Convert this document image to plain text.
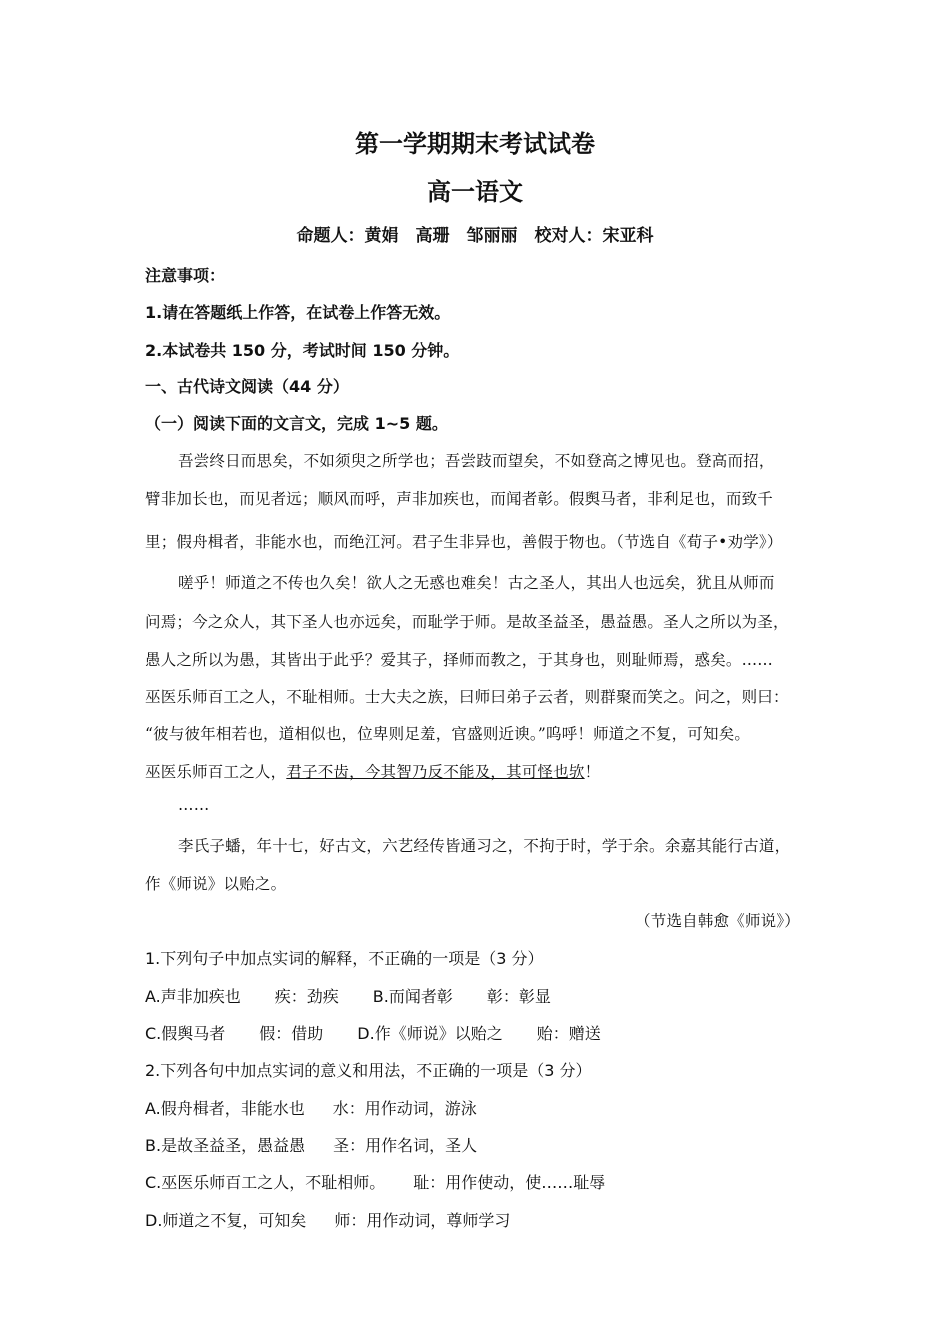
第一学期期末考试试卷
高一语文
命题人：黄娟　高珊　邹丽丽　校对人：宋亚科
注意事项：
1.请在答题纸上作答，在试卷上作答无效。
2.本试卷共 150 分，考试时间 150 分钟。
一、古代诗文阅读（44 分）
（一）阅读下面的文言文，完成 1~5 题。
吾尝终日而思矣，不如须臾之所学也；吾尝跂而望矣，不如登高之博见也。登高而招，
臂非加长也，而见者远；顺风而呼，声非加疾也，而闻者彰。假舆马者，非利足也，而致千
里；假舟楫者，非能水也，而绝江河。君子生非异也，善假于物也。（节选自《荀子•劝学》）
嗟乎！师道之不传也久矣！欲人之无惑也难矣！古之圣人，其出人也远矣，犹且从师而
问焉；今之众人，其下圣人也亦远矣，而耻学于师。是故圣益圣，愚益愚。圣人之所以为圣，
愚人之所以为愚，其皆出于此乎？爱其子，择师而教之，于其身也，则耻师焉，惑矣。……
巫医乐师百工之人，不耻相师。士大夫之族，曰师曰弟子云者，则群聚而笑之。问之，则曰：
“彼与彼年相若也，道相似也，位卑则足羞，官盛则近谀。”呜呼！师道之不复，可知矣。
巫医乐师百工之人，君子不齿，今其智乃反不能及，其可怪也欤！
……
李氏子蟠，年十七，好古文，六艺经传皆通习之，不拘于时，学于余。余嘉其能行古道，
作《师说》以贻之。
（节选自韩愈《师说》）
1.下列句子中加点实词的解释，不正确的一项是（3 分）
A.声非加疾也 疾：劲疾 B.而闻者彰 彰：彰显
C.假舆马者 假：借助 D.作《师说》以贻之 贻：赠送
2.下列各句中加点实词的意义和用法，不正确的一项是（3 分）
A.假舟楫者，非能水也 水：用作动词，游泳
B.是故圣益圣，愚益愚 圣：用作名词，圣人
C.巫医乐师百工之人，不耻相师。 耻：用作使动，使……耻辱
D.师道之不复，可知矣 师：用作动词，尊师学习
